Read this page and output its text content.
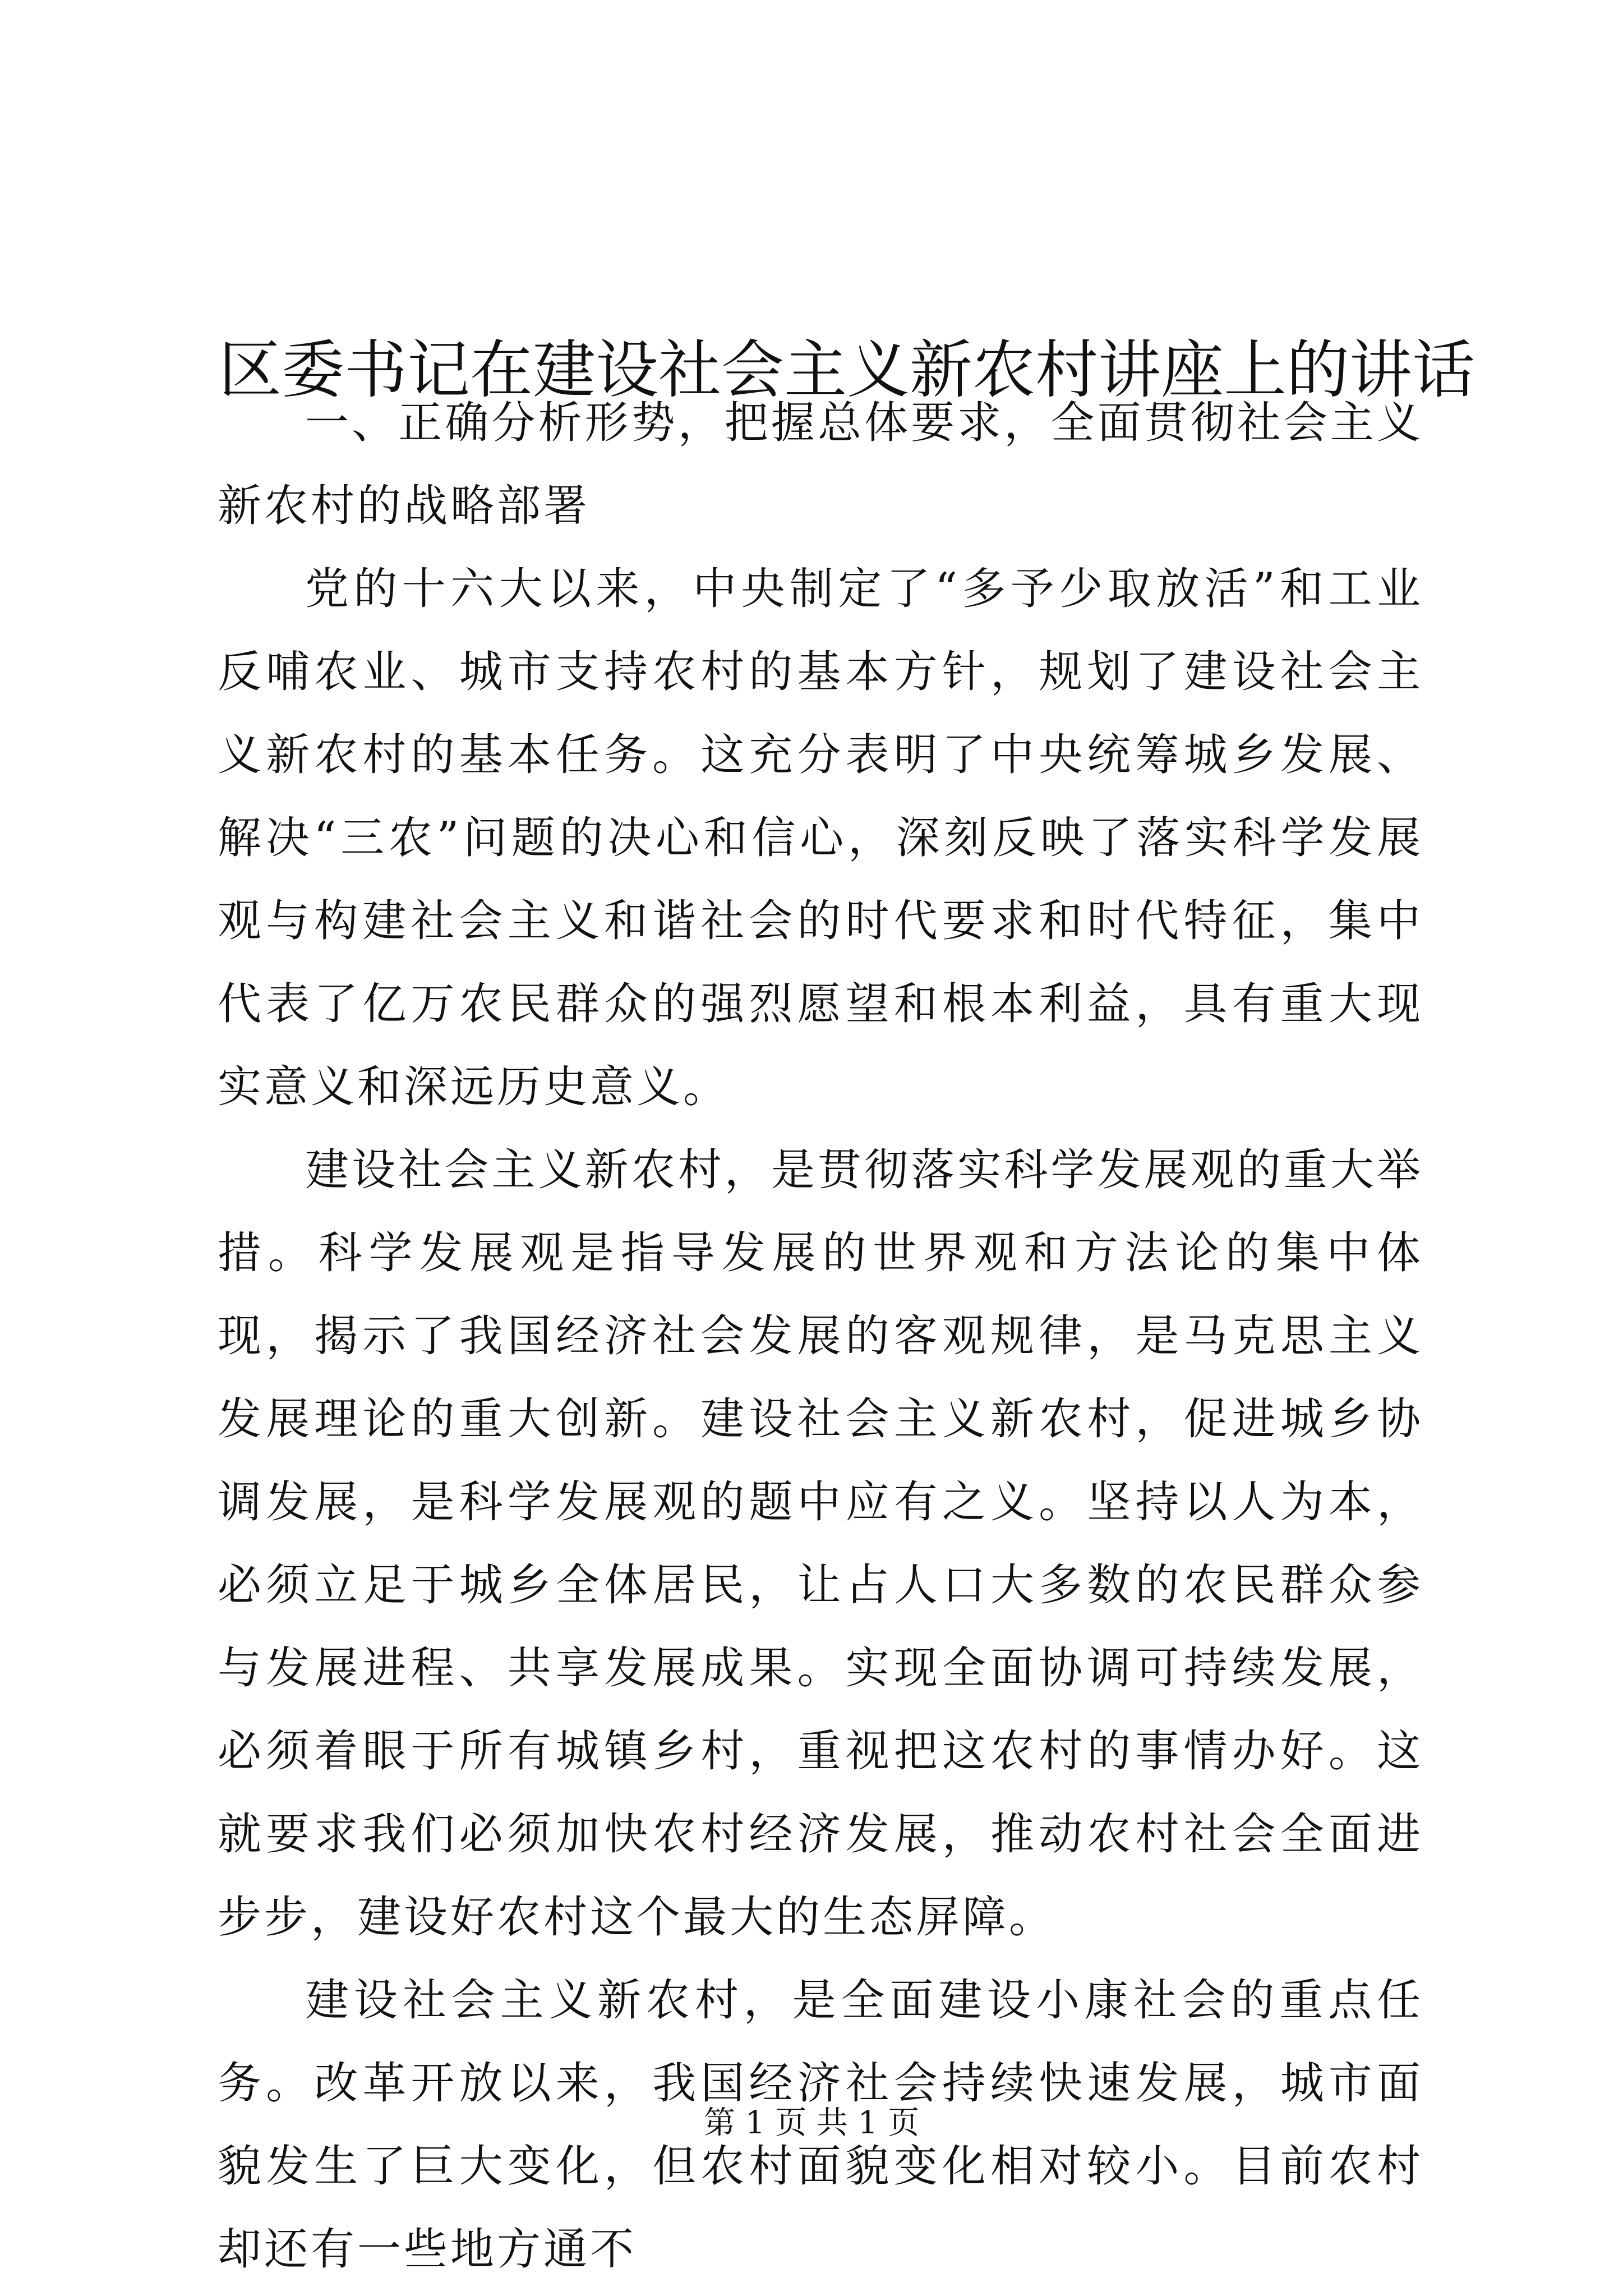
区委书记在建设社会主义新农村讲座上的讲话

一、正确分析形势，把握总体要求，全面贯彻社会主义新农村的战略部署

党的十六大以来，中央制定了“多予少取放活”和工业反哺农业、城市支持农村的基本方针，规划了建设社会主义新农村的基本任务。这充分表明了中央统筹城乡发展、解决“三农”问题的决心和信心，深刻反映了落实科学发展观与构建社会主义和谐社会的时代要求和时代特征，集中代表了亿万农民群众的强烈愿望和根本利益，具有重大现实意义和深远历史意义。

建设社会主义新农村，是贯彻落实科学发展观的重大举措。科学发展观是指导发展的世界观和方法论的集中体现，揭示了我国经济社会发展的客观规律，是马克思主义发展理论的重大创新。建设社会主义新农村，促进城乡协调发展，是科学发展观的题中应有之义。坚持以人为本，必须立足于城乡全体居民，让占人口大多数的农民群众参与发展进程、共享发展成果。实现全面协调可持续发展，必须着眼于所有城镇乡村，重视把这农村的事情办好。这就要求我们必须加快农村经济发展，推动农村社会全面进步步，建设好农村这个最大的生态屏障。

建设社会主义新农村，是全面建设小康社会的重点任务。改革开放以来，我国经济社会持续快速发展，城市面貌发生了巨大变化，但农村面貌变化相对较小。目前农村却还有一些地方通不

第 1 页 共 1 页
